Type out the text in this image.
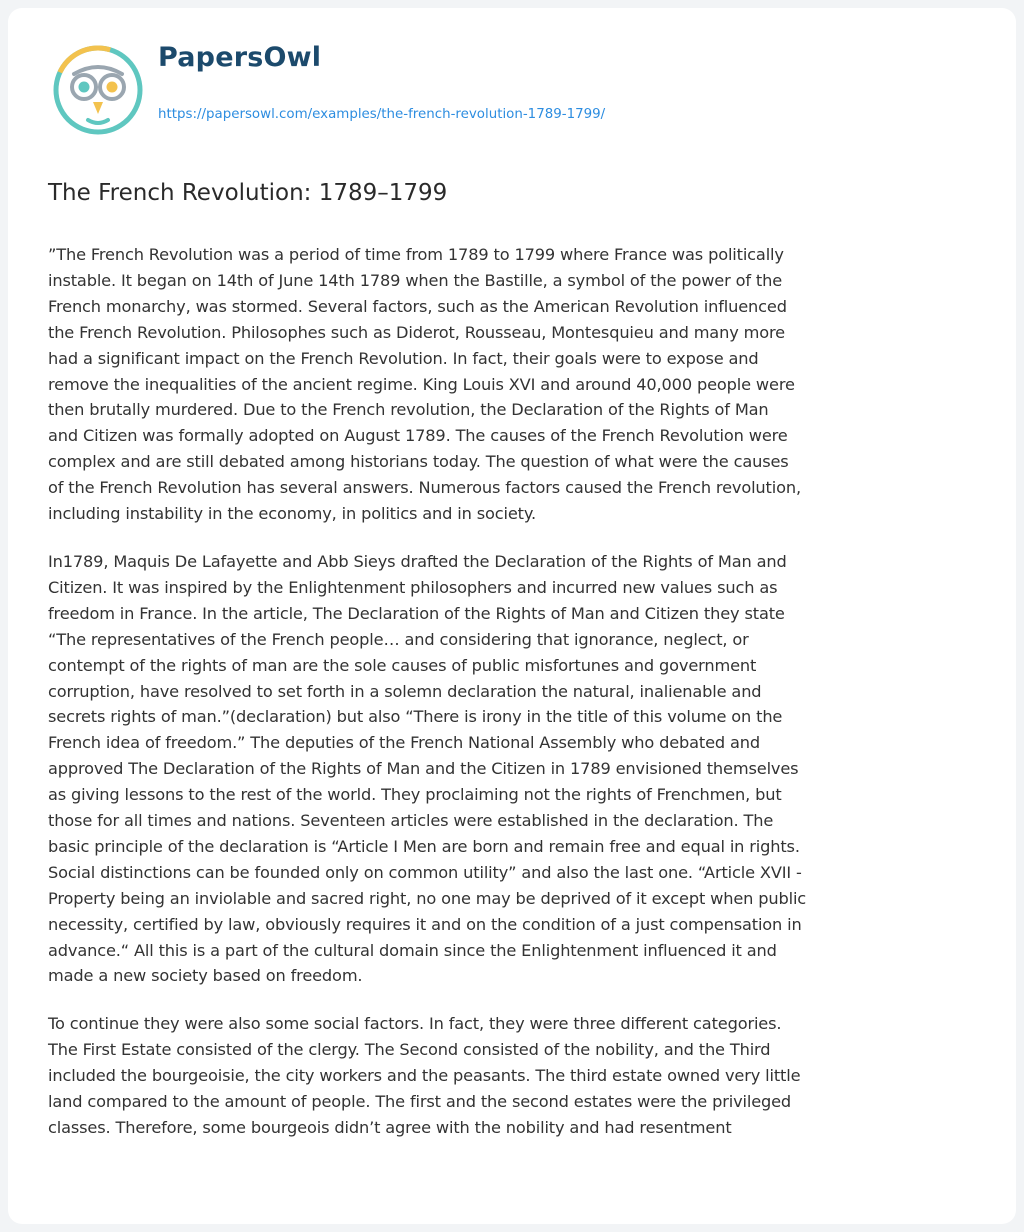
PapersOwl
https://papersowl.com/examples/the-french-revolution-1789-1799/
The French Revolution: 1789–1799

”The French Revolution was a period of time from 1789 to 1799 where France was politically
instable. It began on 14th of June 14th 1789 when the Bastille, a symbol of the power of the
French monarchy, was stormed. Several factors, such as the American Revolution influenced
the French Revolution. Philosophes such as Diderot, Rousseau, Montesquieu and many more
had a significant impact on the French Revolution. In fact, their goals were to expose and
remove the inequalities of the ancient regime. King Louis XVI and around 40,000 people were
then brutally murdered. Due to the French revolution, the Declaration of the Rights of Man
and Citizen was formally adopted on August 1789. The causes of the French Revolution were
complex and are still debated among historians today. The question of what were the causes
of the French Revolution has several answers. Numerous factors caused the French revolution,
including instability in the economy, in politics and in society.

In1789, Maquis De Lafayette and Abb Sieys drafted the Declaration of the Rights of Man and
Citizen. It was inspired by the Enlightenment philosophers and incurred new values such as
freedom in France. In the article, The Declaration of the Rights of Man and Citizen they state
“The representatives of the French people… and considering that ignorance, neglect, or
contempt of the rights of man are the sole causes of public misfortunes and government
corruption, have resolved to set forth in a solemn declaration the natural, inalienable and
secrets rights of man.”(declaration) but also “There is irony in the title of this volume on the
French idea of freedom.” The deputies of the French National Assembly who debated and
approved The Declaration of the Rights of Man and the Citizen in 1789 envisioned themselves
as giving lessons to the rest of the world. They proclaiming not the rights of Frenchmen, but
those for all times and nations. Seventeen articles were established in the declaration. The
basic principle of the declaration is “Article I Men are born and remain free and equal in rights.
Social distinctions can be founded only on common utility” and also the last one. “Article XVII -
Property being an inviolable and sacred right, no one may be deprived of it except when public
necessity, certified by law, obviously requires it and on the condition of a just compensation in
advance.“ All this is a part of the cultural domain since the Enlightenment influenced it and
made a new society based on freedom.

To continue they were also some social factors. In fact, they were three different categories.
The First Estate consisted of the clergy. The Second consisted of the nobility, and the Third
included the bourgeoisie, the city workers and the peasants. The third estate owned very little
land compared to the amount of people. The first and the second estates were the privileged
classes. Therefore, some bourgeois didn’t agree with the nobility and had resentment
